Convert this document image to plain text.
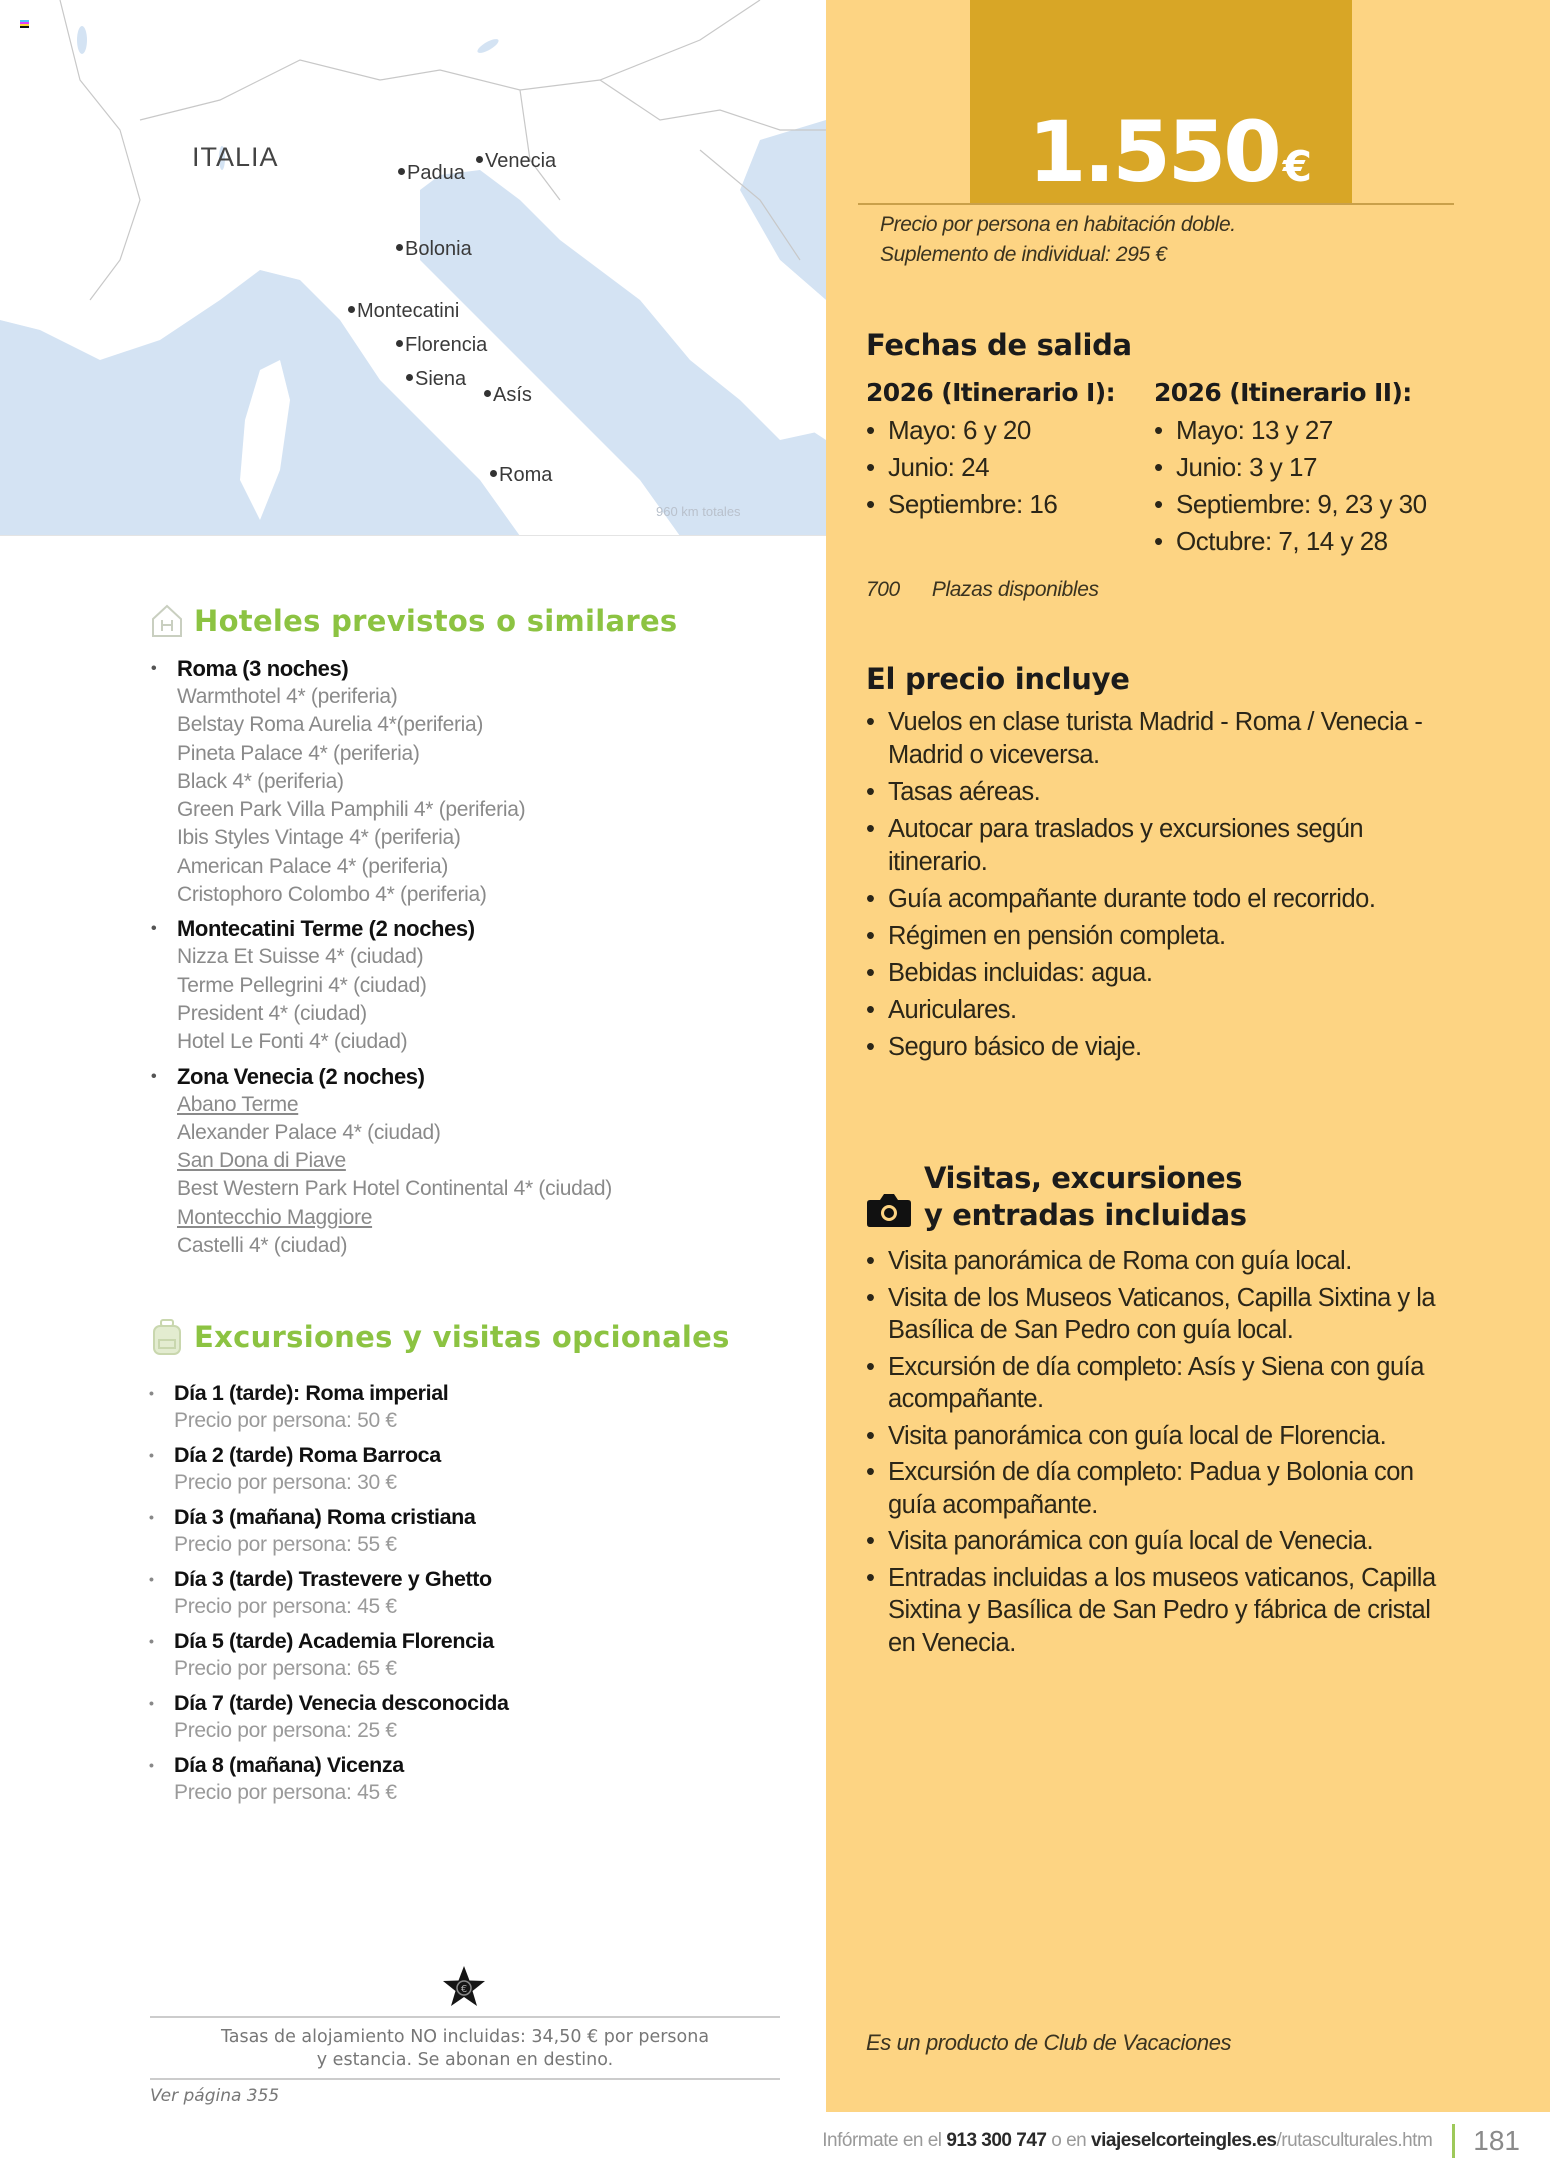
ITALIA
Padua
Venecia
Bolonia
Montecatini
Florencia
Siena
Asís
Roma
960 km totales
Hoteles previstos o similares
• Roma (3 noches)
Warmthotel 4* (periferia)
Belstay Roma Aurelia 4*(periferia)
Pineta Palace 4* (periferia)
Black 4* (periferia)
Green Park Villa Pamphili 4* (periferia)
Ibis Styles Vintage 4* (periferia)
American Palace 4* (periferia)
Cristophoro Colombo 4* (periferia)
• Montecatini Terme (2 noches)
Nizza Et Suisse 4* (ciudad)
Terme Pellegrini 4* (ciudad)
President 4* (ciudad)
Hotel Le Fonti 4* (ciudad)
• Zona Venecia (2 noches)
Abano Terme
Alexander Palace 4* (ciudad)
San Dona di Piave
Best Western Park Hotel Continental 4* (ciudad)
Montecchio Maggiore
Castelli 4* (ciudad)
Excursiones y visitas opcionales
• Día 1 (tarde): Roma imperial
Precio por persona: 50 €
• Día 2 (tarde) Roma Barroca
Precio por persona: 30 €
• Día 3 (mañana) Roma cristiana
Precio por persona: 55 €
• Día 3 (tarde) Trastevere y Ghetto
Precio por persona: 45 €
• Día 5 (tarde) Academia Florencia
Precio por persona: 65 €
• Día 7 (tarde) Venecia desconocida
Precio por persona: 25 €
• Día 8 (mañana) Vicenza
Precio por persona: 45 €
€
Tasas de alojamiento NO incluidas: 34,50 € por persona
y estancia. Se abonan en destino.
Ver página 355
1.550€
Precio por persona en habitación doble.
Suplemento de individual: 295 €
Fechas de salida
2026 (Itinerario I):
• Mayo: 6 y 20
• Junio: 24
• Septiembre: 16
2026 (Itinerario II):
• Mayo: 13 y 27
• Junio: 3 y 17
• Septiembre: 9, 23 y 30
• Octubre: 7, 14 y 28
700 Plazas disponibles
El precio incluye
• Vuelos en clase turista Madrid - Roma / Venecia - Madrid o viceversa.
• Tasas aéreas.
• Autocar para traslados y excursiones según itinerario.
• Guía acompañante durante todo el recorrido.
• Régimen en pensión completa.
• Bebidas incluidas: agua.
• Auriculares.
• Seguro básico de viaje.
Visitas, excursiones
y entradas incluidas
• Visita panorámica de Roma con guía local.
• Visita de los Museos Vaticanos, Capilla Sixtina y la Basílica de San Pedro con guía local.
• Excursión de día completo: Asís y Siena con guía acompañante.
• Visita panorámica con guía local de Florencia.
• Excursión de día completo: Padua y Bolonia con guía acompañante.
• Visita panorámica con guía local de Venecia.
• Entradas incluidas a los museos vaticanos, Capilla Sixtina y Basílica de San Pedro y fábrica de cristal en Venecia.
Es un producto de Club de Vacaciones
Infórmate en el 913 300 747 o en viajeselcorteingles.es/rutasculturales.htm 181
